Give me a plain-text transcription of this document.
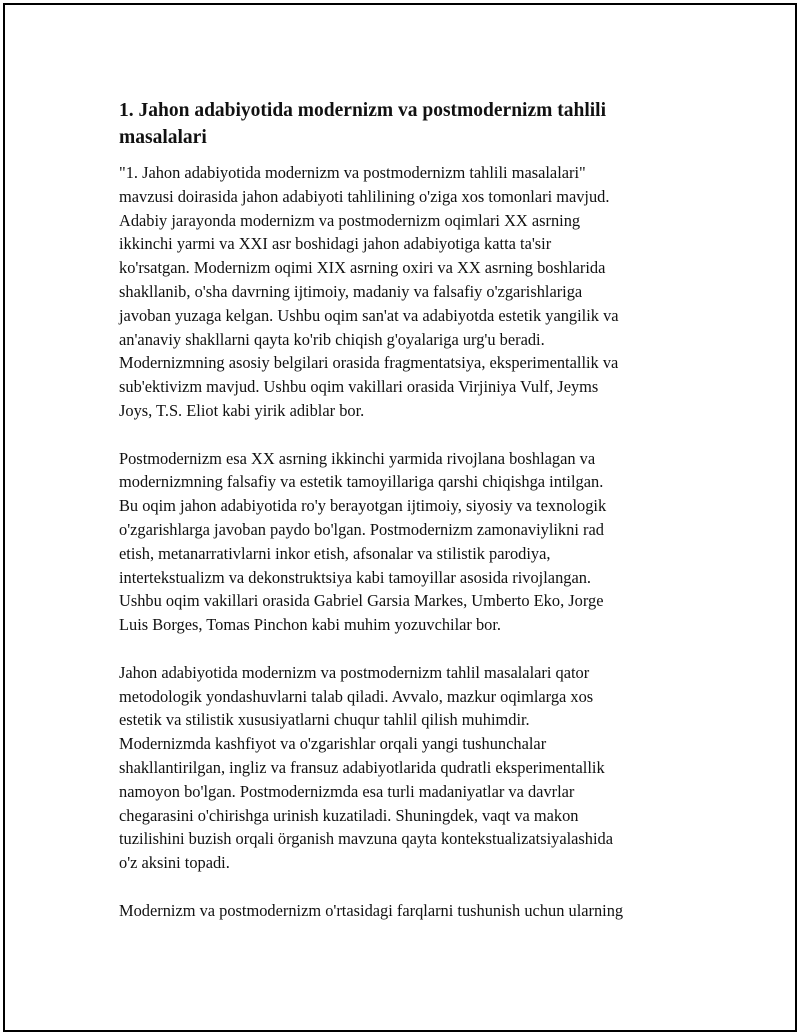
1. Jahon adabiyotida modernizm va postmodernizm tahlili masalalari

"1. Jahon adabiyotida modernizm va postmodernizm tahlili masalalari"
mavzusi doirasida jahon adabiyoti tahlilining o'ziga xos tomonlari mavjud.
Adabiy jarayonda modernizm va postmodernizm oqimlari XX asrning
ikkinchi yarmi va XXI asr boshidagi jahon adabiyotiga katta ta'sir
ko'rsatgan. Modernizm oqimi XIX asrning oxiri va XX asrning boshlarida
shakllanib, o'sha davrning ijtimoiy, madaniy va falsafiy o'zgarishlariga
javoban yuzaga kelgan. Ushbu oqim san'at va adabiyotda estetik yangilik va
an'anaviy shakllarni qayta ko'rib chiqish g'oyalariga urg'u beradi.
Modernizmning asosiy belgilari orasida fragmentatsiya, eksperimentallik va
sub'ektivizm mavjud. Ushbu oqim vakillari orasida Virjiniya Vulf, Jeyms
Joys, T.S. Eliot kabi yirik adiblar bor.

Postmodernizm esa XX asrning ikkinchi yarmida rivojlana boshlagan va
modernizmning falsafiy va estetik tamoyillariga qarshi chiqishga intilgan.
Bu oqim jahon adabiyotida ro'y berayotgan ijtimoiy, siyosiy va texnologik
o'zgarishlarga javoban paydo bo'lgan. Postmodernizm zamonaviylikni rad
etish, metanarrativlarni inkor etish, afsonalar va stilistik parodiya,
intertekstualizm va dekonstruktsiya kabi tamoyillar asosida rivojlangan.
Ushbu oqim vakillari orasida Gabriel Garsia Markes, Umberto Eko, Jorge
Luis Borges, Tomas Pinchon kabi muhim yozuvchilar bor.

Jahon adabiyotida modernizm va postmodernizm tahlil masalalari qator
metodologik yondashuvlarni talab qiladi. Avvalo, mazkur oqimlarga xos
estetik va stilistik xususiyatlarni chuqur tahlil qilish muhimdir.
Modernizmda kashfiyot va o'zgarishlar orqali yangi tushunchalar
shakllantirilgan, ingliz va fransuz adabiyotlarida qudratli eksperimentallik
namoyon bo'lgan. Postmodernizmda esa turli madaniyatlar va davrlar
chegarasini o'chirishga urinish kuzatiladi. Shuningdek, vaqt va makon
tuzilishini buzish orqali örganish mavzuna qayta kontekstualizatsiyalashida
o'z aksini topadi.

Modernizm va postmodernizm o'rtasidagi farqlarni tushunish uchun ularning
